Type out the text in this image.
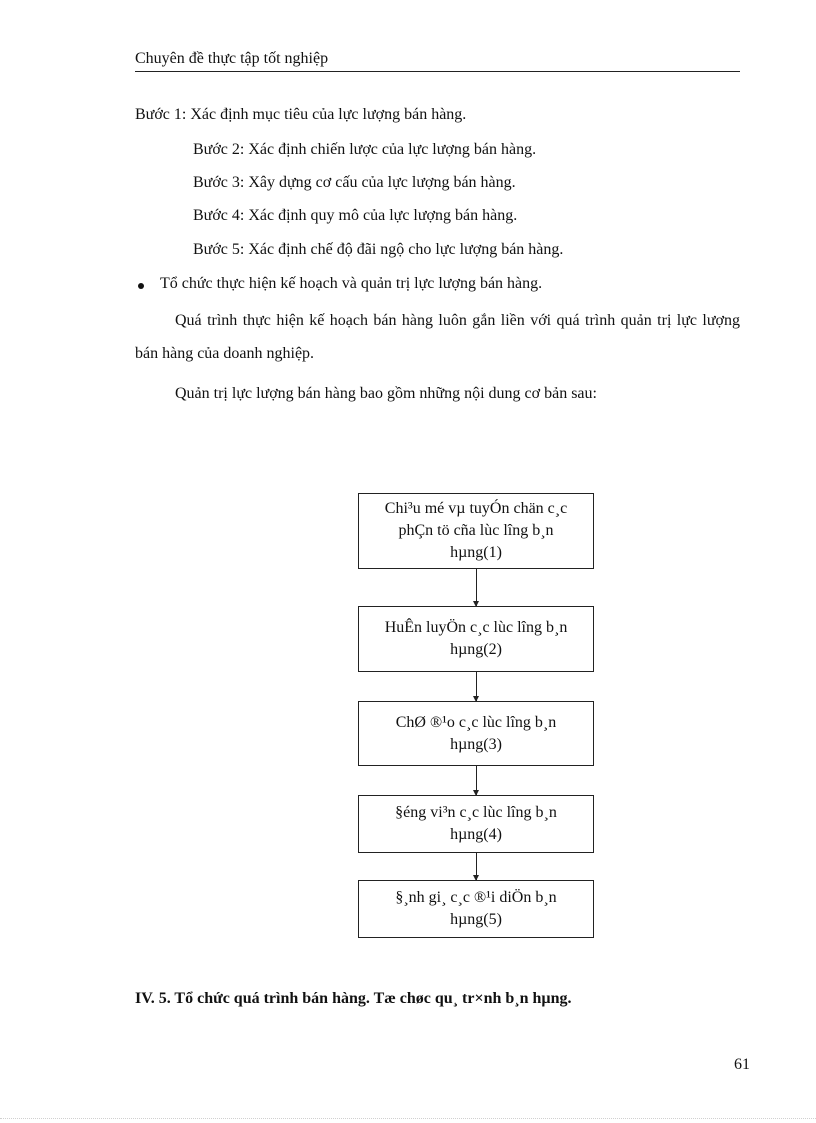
Chuyên đề thực tập tốt nghiệp
Bước 1: Xác định mục tiêu của lực lượng bán hàng.
Bước 2: Xác định chiến lược của lực lượng bán hàng.
Bước 3: Xây dựng cơ cấu của lực lượng bán hàng.
Bước 4: Xác định quy mô của lực lượng bán hàng.
Bước 5: Xác định chế độ đãi ngộ cho lực lượng bán hàng.
Tổ chức thực hiện kế hoạch và quản trị lực lượng bán hàng.
Quá trình thực hiện kế hoạch bán hàng luôn gắn liền với quá trình quản trị lực lượng bán hàng của doanh nghiệp.
Quản trị lực lượng bán hàng bao gồm những nội dung cơ bản sau:
Chi³u mé vµ tuyÓn chän c¸c phÇn tö cña lùc lîng b¸n hµng(1)
HuÊn luyÖn c¸c lùc lîng b¸n hµng(2)
ChØ ®¹o c¸c lùc lîng b¸n hµng(3)
§éng vi³n c¸c lùc lîng b¸n hµng(4)
§¸nh gi¸ c¸c ®¹i diÖn b¸n hµng(5)
IV. 5. Tổ chức quá trình bán hàng. Tæ chøc qu¸ tr×nh b¸n hµng.
61
